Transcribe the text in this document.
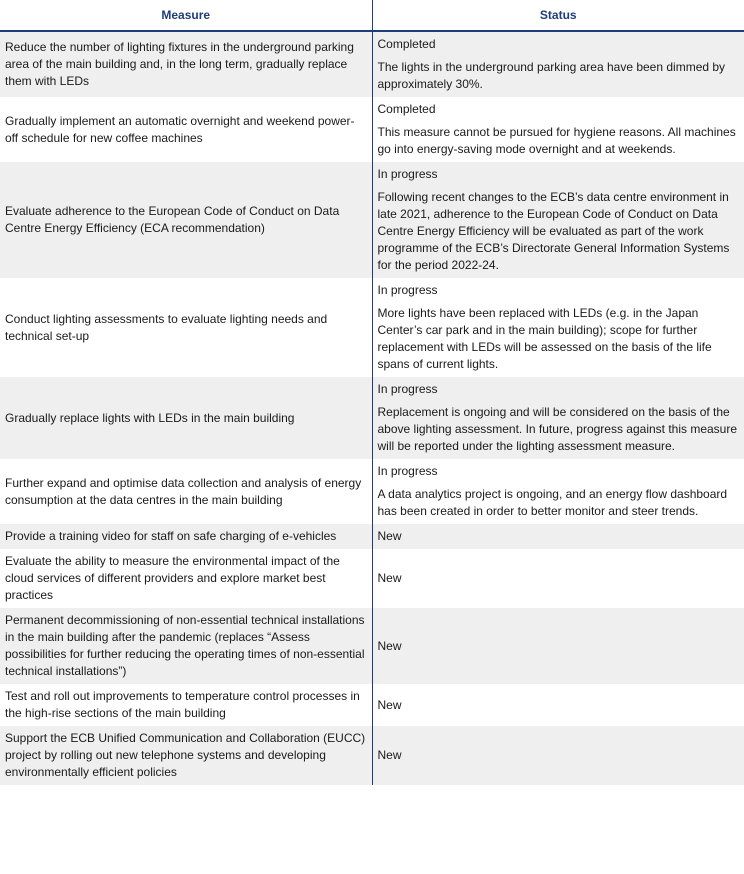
Measure	Status
Reduce the number of lighting fixtures in the underground parking area of the main building and, in the long term, gradually replace them with LEDs	Completed

The lights in the underground parking area have been dimmed by approximately 30%.

Gradually implement an automatic overnight and weekend power-off schedule for new coffee machines	Completed

This measure cannot be pursued for hygiene reasons. All machines go into energy-saving mode overnight and at weekends.

Evaluate adherence to the European Code of Conduct on Data Centre Energy Efficiency (ECA recommendation)	In progress

Following recent changes to the ECB’s data centre environment in late 2021, adherence to the European Code of Conduct on Data Centre Energy Efficiency will be evaluated as part of the work programme of the ECB’s Directorate General Information Systems for the period 2022-24.

Conduct lighting assessments to evaluate lighting needs and technical set-up	In progress

More lights have been replaced with LEDs (e.g. in the Japan Center’s car park and in the main building); scope for further replacement with LEDs will be assessed on the basis of the life spans of current lights.

Gradually replace lights with LEDs in the main building	In progress

Replacement is ongoing and will be considered on the basis of the above lighting assessment. In future, progress against this measure will be reported under the lighting assessment measure.

Further expand and optimise data collection and analysis of energy consumption at the data centres in the main building	In progress

A data analytics project is ongoing, and an energy flow dashboard has been created in order to better monitor and steer trends.

Provide a training video for staff on safe charging of e-vehicles	New

Evaluate the ability to measure the environmental impact of the cloud services of different providers and explore market best practices	New

Permanent decommissioning of non-essential technical installations in the main building after the pandemic (replaces “Assess possibilities for further reducing the operating times of non-essential technical installations”)	New

Test and roll out improvements to temperature control processes in the high-rise sections of the main building	New

Support the ECB Unified Communication and Collaboration (EUCC) project by rolling out new telephone systems and developing environmentally efficient policies	New
